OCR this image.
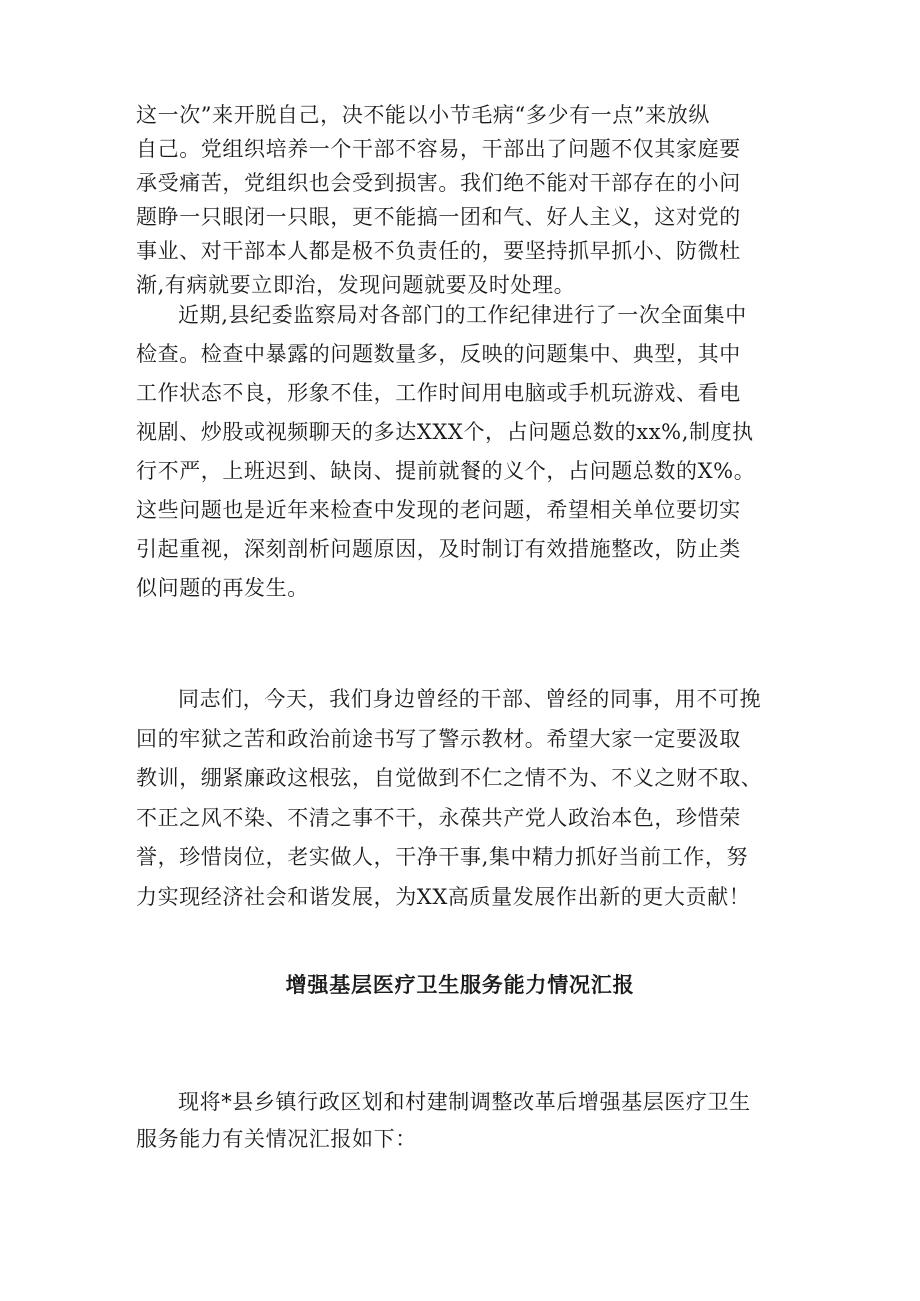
这一次”来开脱自己，决不能以小节毛病“多少有一点”来放纵
自己。党组织培养一个干部不容易，干部出了问题不仅其家庭要
承受痛苦，党组织也会受到损害。我们绝不能对干部存在的小问
题睁一只眼闭一只眼，更不能搞一团和气、好人主义，这对党的
事业、对干部本人都是极不负责任的，要坚持抓早抓小、防微杜
渐,有病就要立即治，发现问题就要及时处理。

近期,县纪委监察局对各部门的工作纪律进行了一次全面集中
检查。检查中暴露的问题数量多，反映的问题集中、典型，其中
工作状态不良，形象不佳，工作时间用电脑或手机玩游戏、看电
视剧、炒股或视频聊天的多达XXX个，占问题总数的xx%,制度执
行不严，上班迟到、缺岗、提前就餐的义个，占问题总数的X%。
这些问题也是近年来检查中发现的老问题，希望相关单位要切实
引起重视，深刻剖析问题原因，及时制订有效措施整改，防止类
似问题的再发生。

同志们，今天，我们身边曾经的干部、曾经的同事，用不可挽
回的牢狱之苦和政治前途书写了警示教材。希望大家一定要汲取
教训，绷紧廉政这根弦，自觉做到不仁之情不为、不义之财不取、
不正之风不染、不清之事不干，永葆共产党人政治本色，珍惜荣
誉，珍惜岗位，老实做人，干净干事,集中精力抓好当前工作，努
力实现经济社会和谐发展，为XX高质量发展作出新的更大贡献！

增强基层医疗卫生服务能力情况汇报

现将*县乡镇行政区划和村建制调整改革后增强基层医疗卫生
服务能力有关情况汇报如下：
